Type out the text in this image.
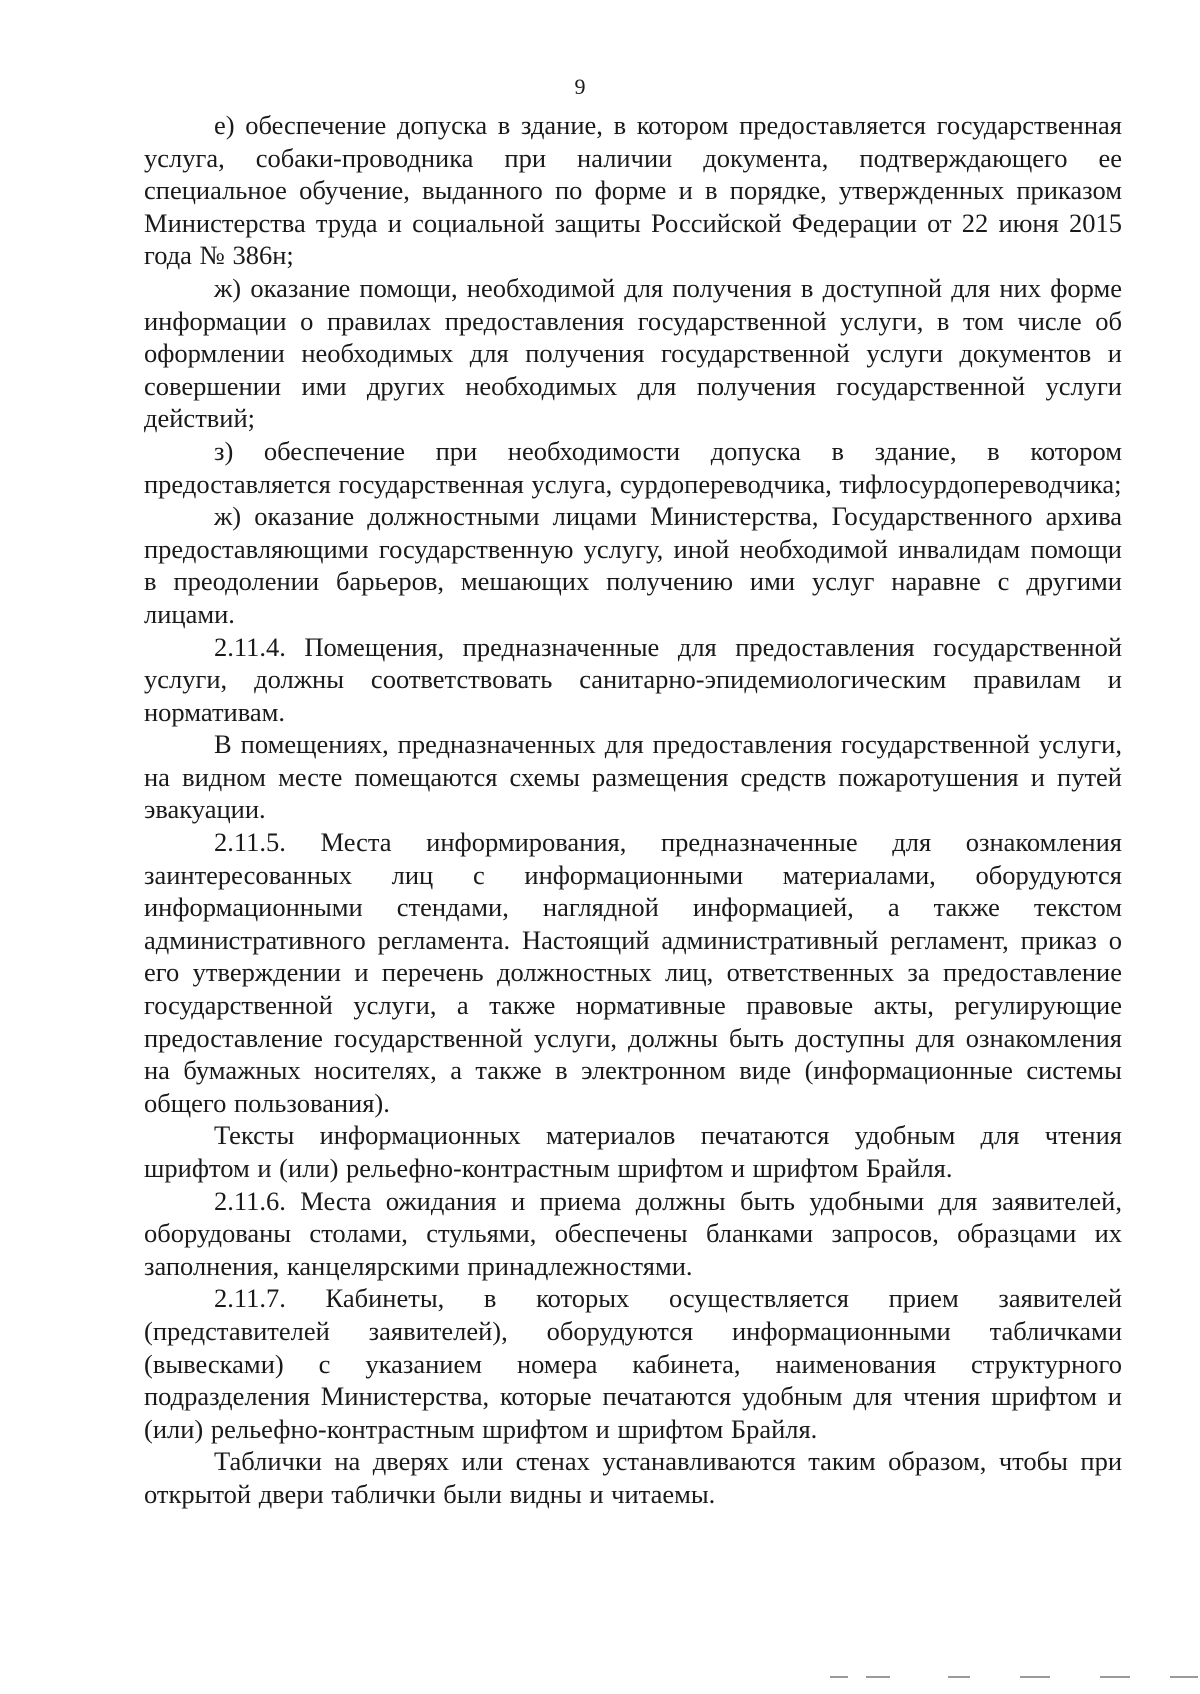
9

е) обеспечение допуска в здание, в котором предоставляется государственная услуга, собаки-проводника при наличии документа, подтверждающего ее специальное обучение, выданного по форме и в порядке, утвержденных приказом Министерства труда и социальной защиты Российской Федерации от 22 июня 2015 года № 386н;

ж) оказание помощи, необходимой для получения в доступной для них форме информации о правилах предоставления государственной услуги, в том числе об оформлении необходимых для получения государственной услуги документов и совершении ими других необходимых для получения государственной услуги действий;

з) обеспечение при необходимости допуска в здание, в котором предоставляется государственная услуга, сурдопереводчика, тифлосурдопереводчика;

ж) оказание должностными лицами Министерства, Государственного архива предоставляющими государственную услугу, иной необходимой инвалидам помощи в преодолении барьеров, мешающих получению ими услуг наравне с другими лицами.

2.11.4. Помещения, предназначенные для предоставления государственной услуги, должны соответствовать санитарно-эпидемиологическим правилам и нормативам.

В помещениях, предназначенных для предоставления государственной услуги, на видном месте помещаются схемы размещения средств пожаротушения и путей эвакуации.

2.11.5. Места информирования, предназначенные для ознакомления заинтересованных лиц с информационными материалами, оборудуются информационными стендами, наглядной информацией, а также текстом административного регламента. Настоящий административный регламент, приказ о его утверждении и перечень должностных лиц, ответственных за предоставление государственной услуги, а также нормативные правовые акты, регулирующие предоставление государственной услуги, должны быть доступны для ознакомления на бумажных носителях, а также в электронном виде (информационные системы общего пользования).

Тексты информационных материалов печатаются удобным для чтения шрифтом и (или) рельефно-контрастным шрифтом и шрифтом Брайля.

2.11.6. Места ожидания и приема должны быть удобными для заявителей, оборудованы столами, стульями, обеспечены бланками запросов, образцами их заполнения, канцелярскими принадлежностями.

2.11.7. Кабинеты, в которых осуществляется прием заявителей (представителей заявителей), оборудуются информационными табличками (вывесками) с указанием номера кабинета, наименования структурного подразделения Министерства, которые печатаются удобным для чтения шрифтом и (или) рельефно-контрастным шрифтом и шрифтом Брайля.

Таблички на дверях или стенах устанавливаются таким образом, чтобы при открытой двери таблички были видны и читаемы.
